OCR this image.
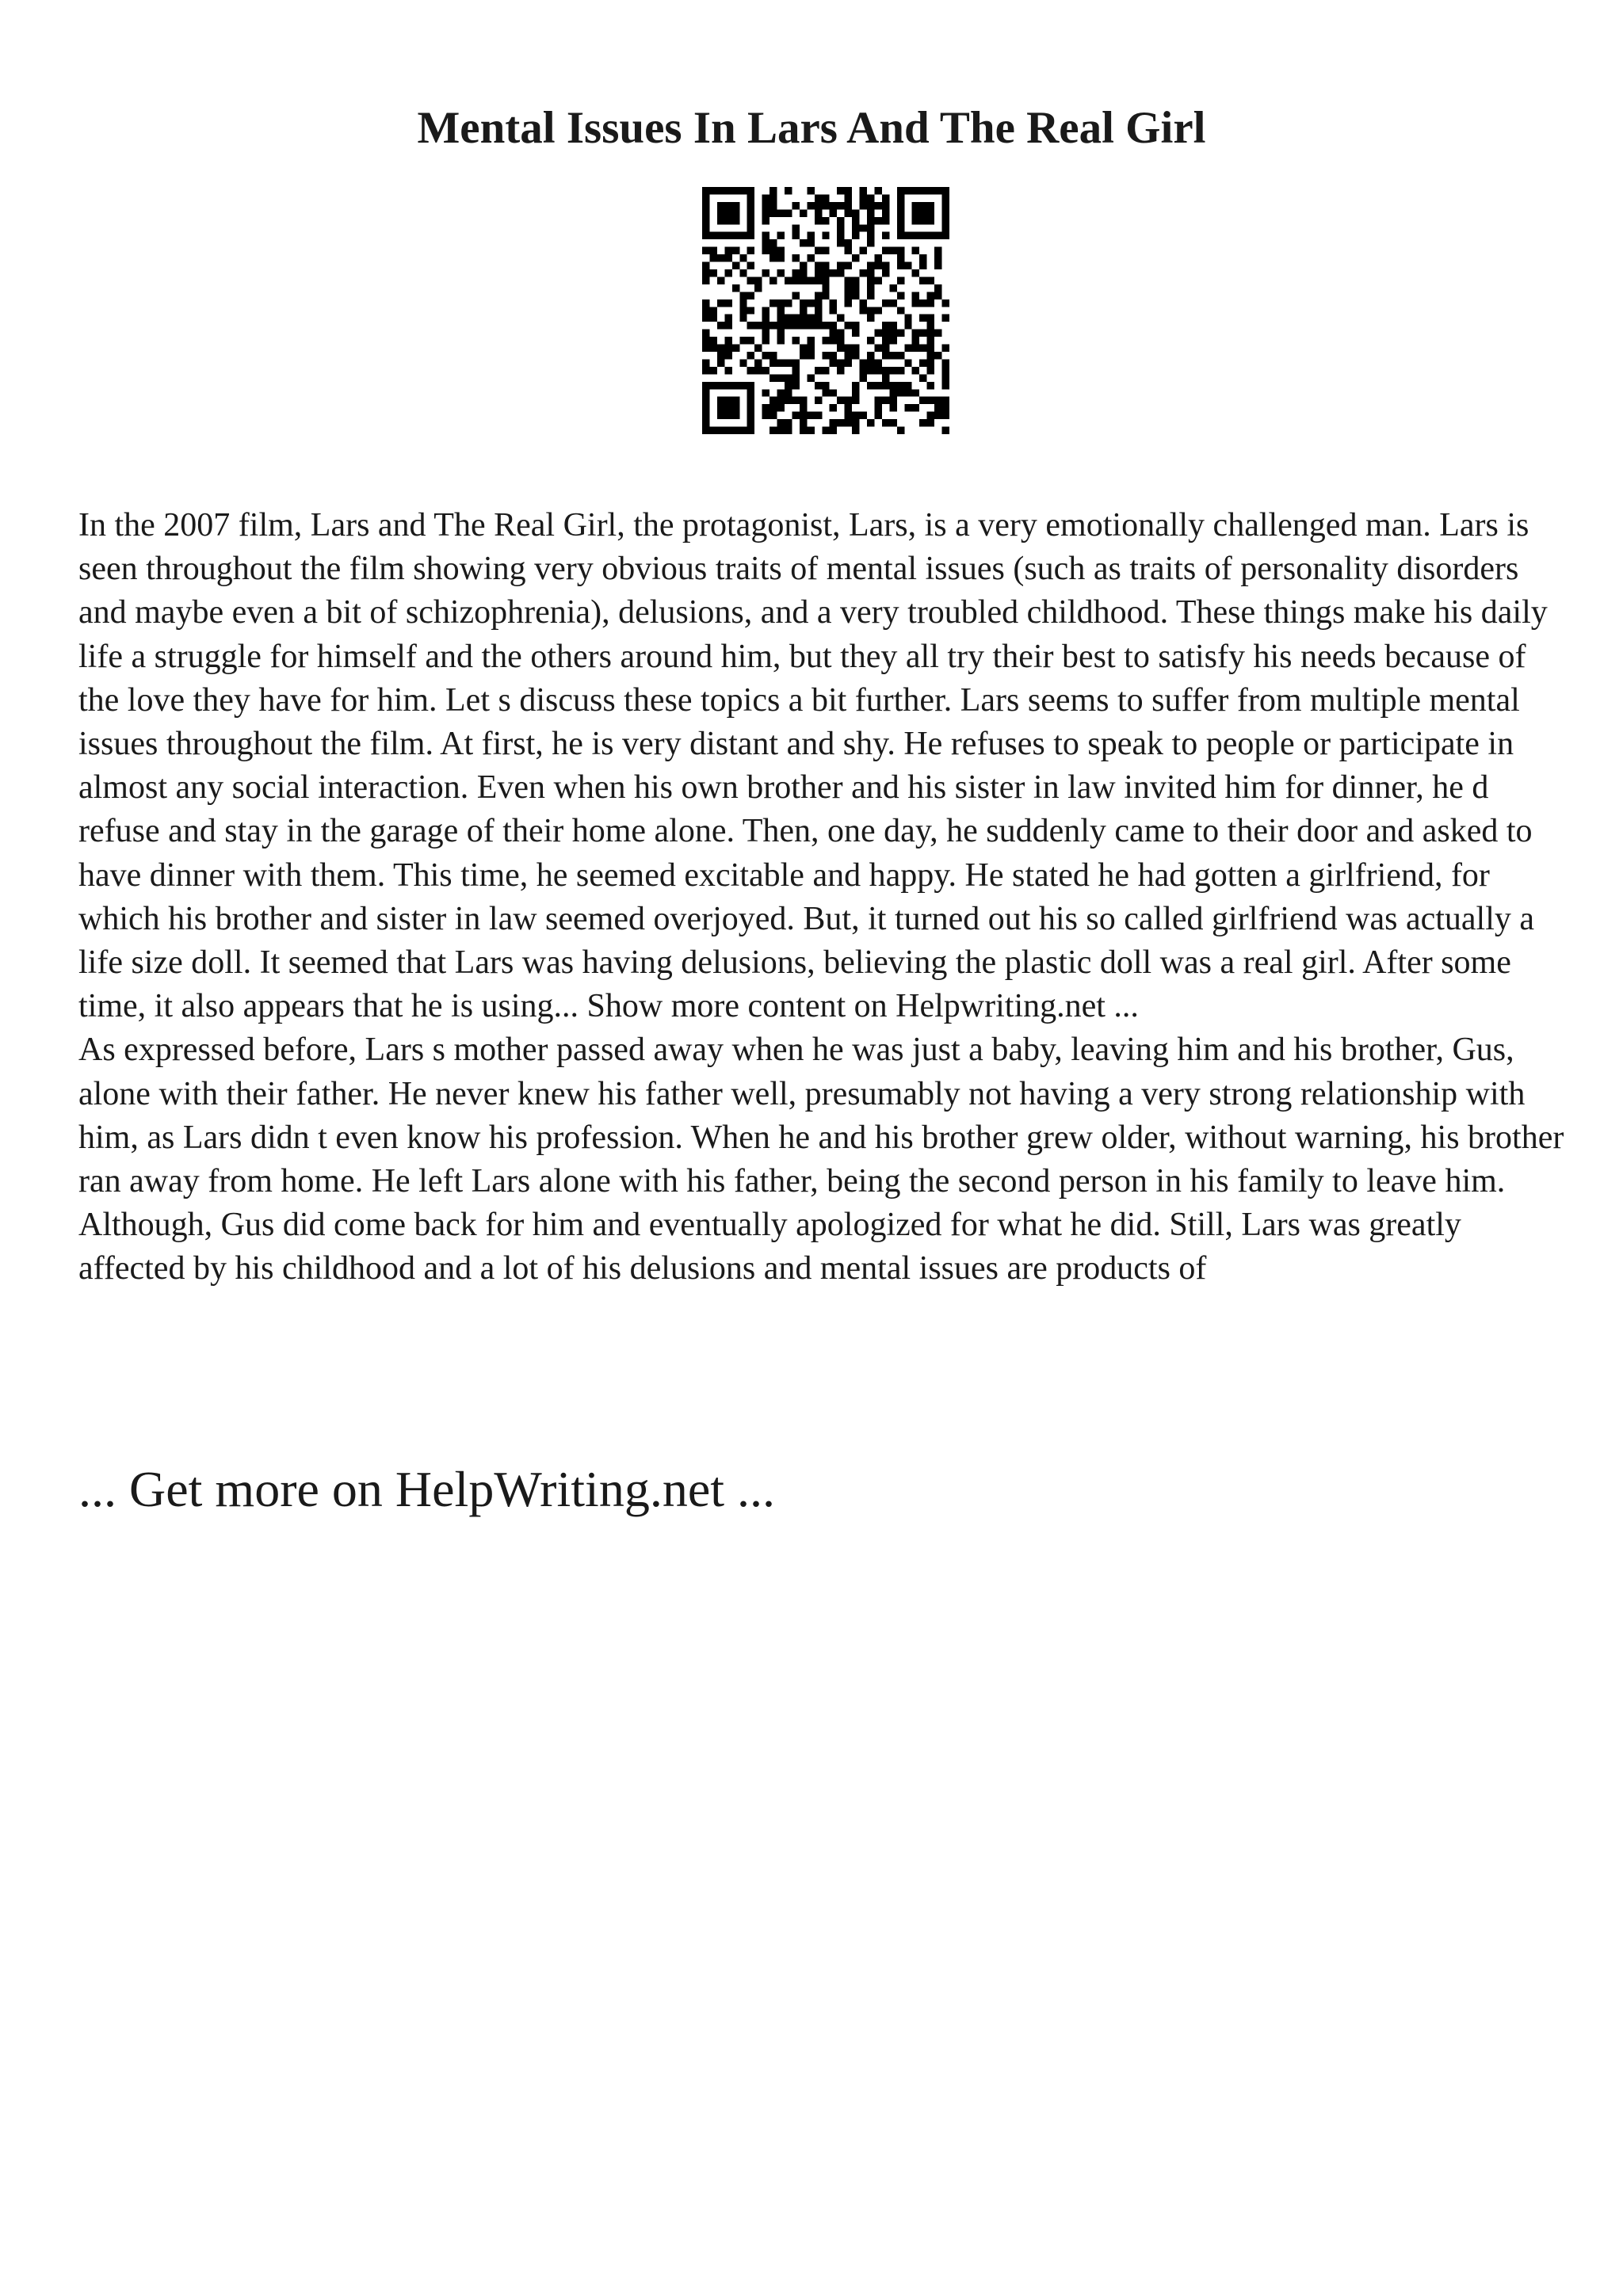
Mental Issues In Lars And The Real Girl

In the 2007 film, Lars and The Real Girl, the protagonist, Lars, is a very emotionally challenged man. Lars is seen throughout the film showing very obvious traits of mental issues (such as traits of personality disorders and maybe even a bit of schizophrenia), delusions, and a very troubled childhood. These things make his daily life a struggle for himself and the others around him, but they all try their best to satisfy his needs because of the love they have for him. Let s discuss these topics a bit further. Lars seems to suffer from multiple mental issues throughout the film. At first, he is very distant and shy. He refuses to speak to people or participate in almost any social interaction. Even when his own brother and his sister in law invited him for dinner, he d refuse and stay in the garage of their home alone. Then, one day, he suddenly came to their door and asked to have dinner with them. This time, he seemed excitable and happy. He stated he had gotten a girlfriend, for which his brother and sister in law seemed overjoyed. But, it turned out his so called girlfriend was actually a life size doll. It seemed that Lars was having delusions, believing the plastic doll was a real girl. After some time, it also appears that he is using... Show more content on Helpwriting.net ...

As expressed before, Lars s mother passed away when he was just a baby, leaving him and his brother, Gus, alone with their father. He never knew his father well, presumably not having a very strong relationship with him, as Lars didn t even know his profession. When he and his brother grew older, without warning, his brother ran away from home. He left Lars alone with his father, being the second person in his family to leave him. Although, Gus did come back for him and eventually apologized for what he did. Still, Lars was greatly affected by his childhood and a lot of his delusions and mental issues are products of

... Get more on HelpWriting.net ...
